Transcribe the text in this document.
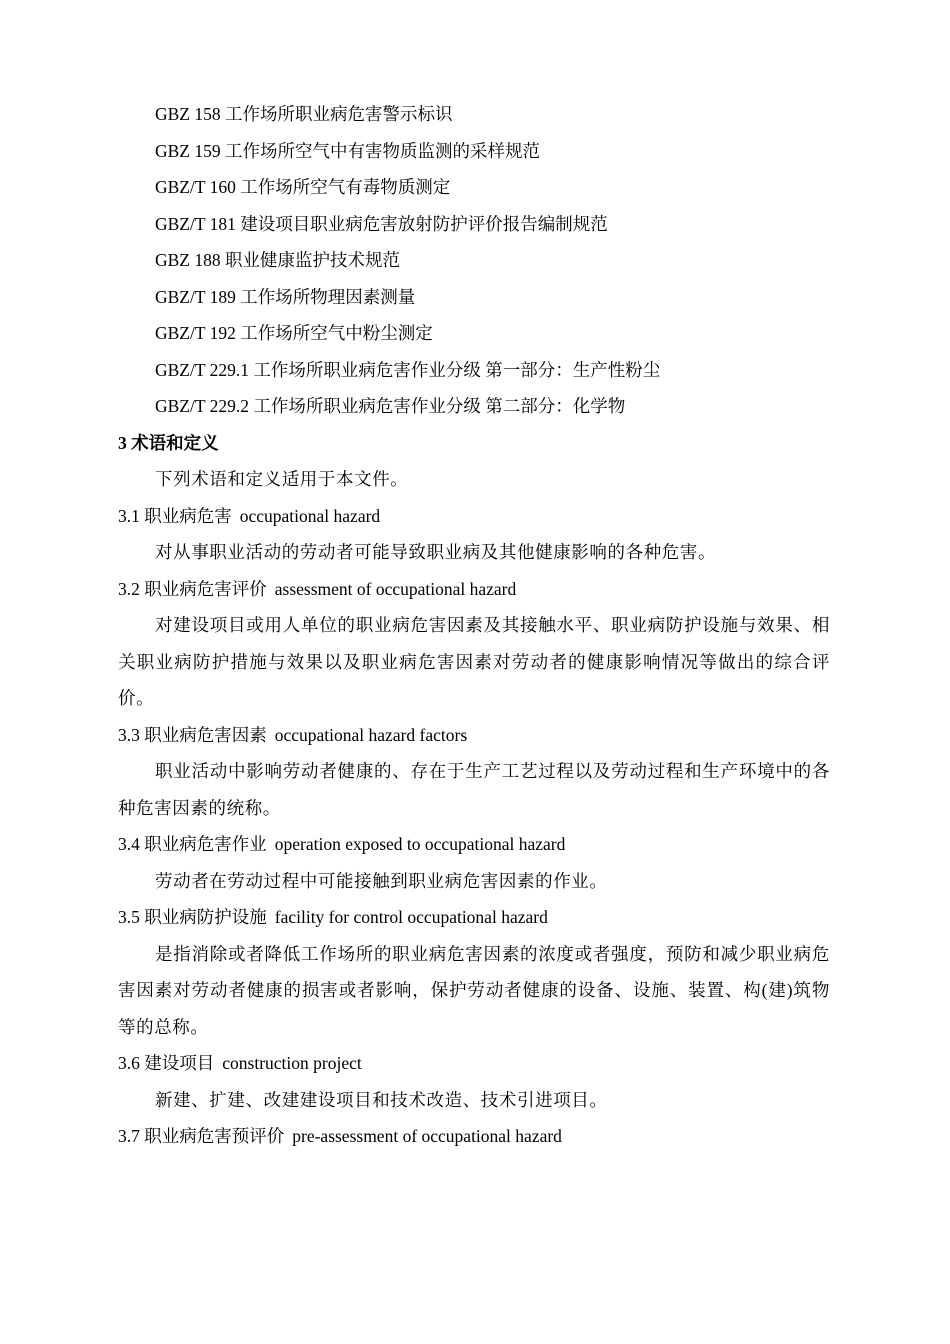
GBZ 158 工作场所职业病危害警示标识
GBZ 159 工作场所空气中有害物质监测的采样规范
GBZ/T 160 工作场所空气有毒物质测定
GBZ/T 181 建设项目职业病危害放射防护评价报告编制规范
GBZ 188 职业健康监护技术规范
GBZ/T 189 工作场所物理因素测量
GBZ/T 192 工作场所空气中粉尘测定
GBZ/T 229.1 工作场所职业病危害作业分级 第一部分：生产性粉尘
GBZ/T 229.2 工作场所职业病危害作业分级 第二部分：化学物
3 术语和定义
下列术语和定义适用于本文件。
3.1 职业病危害 occupational hazard
对从事职业活动的劳动者可能导致职业病及其他健康影响的各种危害。
3.2 职业病危害评价 assessment of occupational hazard
对建设项目或用人单位的职业病危害因素及其接触水平、职业病防护设施与效果、相关职业病防护措施与效果以及职业病危害因素对劳动者的健康影响情况等做出的综合评价。
3.3 职业病危害因素 occupational hazard factors
职业活动中影响劳动者健康的、存在于生产工艺过程以及劳动过程和生产环境中的各种危害因素的统称。
3.4 职业病危害作业 operation exposed to occupational hazard
劳动者在劳动过程中可能接触到职业病危害因素的作业。
3.5 职业病防护设施 facility for control occupational hazard
是指消除或者降低工作场所的职业病危害因素的浓度或者强度，预防和减少职业病危害因素对劳动者健康的损害或者影响，保护劳动者健康的设备、设施、装置、构(建)筑物等的总称。
3.6 建设项目 construction project
新建、扩建、改建建设项目和技术改造、技术引进项目。
3.7 职业病危害预评价 pre-assessment of occupational hazard
